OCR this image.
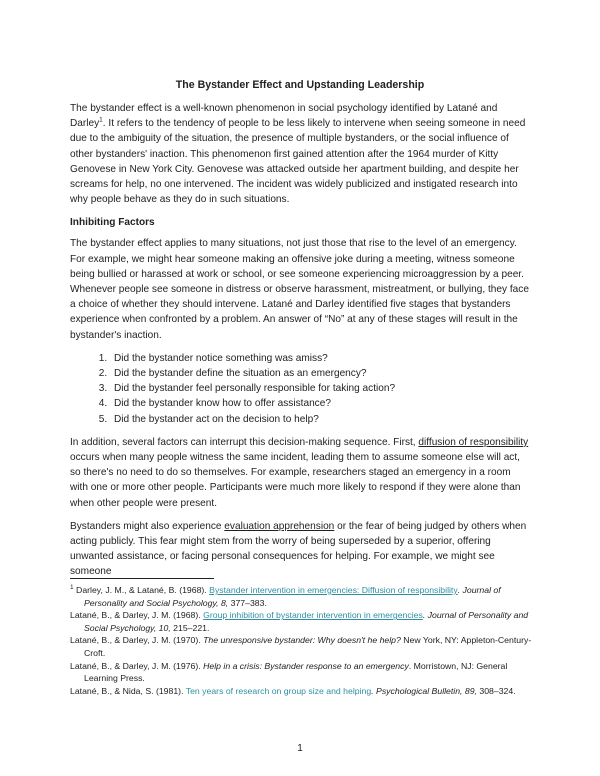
The Bystander Effect and Upstanding Leadership

The bystander effect is a well-known phenomenon in social psychology identified by Latané and Darley$^1$. It refers to the tendency of people to be less likely to intervene when seeing someone in need due to the ambiguity of the situation, the presence of multiple bystanders, or the social influence of other bystanders' inaction. This phenomenon first gained attention after the 1964 murder of Kitty Genovese in New York City. Genovese was attacked outside her apartment building, and despite her screams for help, no one intervened. The incident was widely publicized and instigated research into why people behave as they do in such situations.

Inhibiting Factors

The bystander effect applies to many situations, not just those that rise to the level of an emergency. For example, we might hear someone making an offensive joke during a meeting, witness someone being bullied or harassed at work or school, or see someone experiencing microaggression by a peer. Whenever people see someone in distress or observe harassment, mistreatment, or bullying, they face a choice of whether they should intervene. Latané and Darley identified five stages that bystanders experience when confronted by a problem. An answer of “No” at any of these stages will result in the bystander's inaction.

1. Did the bystander notice something was amiss?
2. Did the bystander define the situation as an emergency?
3. Did the bystander feel personally responsible for taking action?
4. Did the bystander know how to offer assistance?
5. Did the bystander act on the decision to help?

In addition, several factors can interrupt this decision-making sequence. First, diffusion of responsibility occurs when many people witness the same incident, leading them to assume someone else will act, so there's no need to do so themselves. For example, researchers staged an emergency in a room with one or more other people. Participants were much more likely to respond if they were alone than when other people were present.

Bystanders might also experience evaluation apprehension or the fear of being judged by others when acting publicly. This fear might stem from the worry of being superseded by a superior, offering unwanted assistance, or facing personal consequences for helping. For example, we might see someone

$^1$ Darley, J. M., & Latané, B. (1968). Bystander intervention in emergencies: Diffusion of responsibility. Journal of Personality and Social Psychology, 8, 377–383.
Latané, B., & Darley, J. M. (1968). Group inhibition of bystander intervention in emergencies. Journal of Personality and Social Psychology, 10, 215–221.
Latané, B., & Darley, J. M. (1970). The unresponsive bystander: Why doesn't he help? New York, NY: Appleton-Century-Croft.
Latané, B., & Darley, J. M. (1976). Help in a crisis: Bystander response to an emergency. Morristown, NJ: General Learning Press.
Latané, B., & Nida, S. (1981). Ten years of research on group size and helping. Psychological Bulletin, 89, 308–324.
1
